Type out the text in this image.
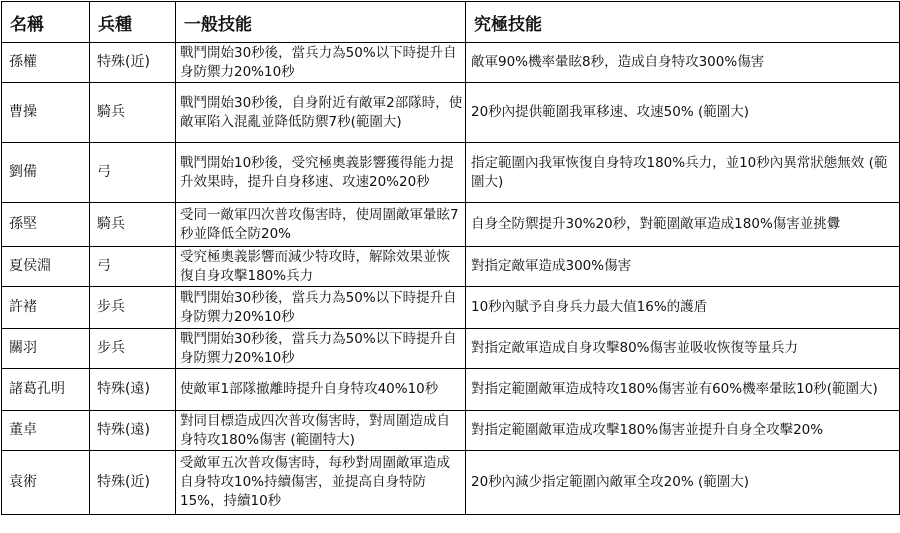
名稱	兵種	一般技能	究極技能
孫權	特殊(近)	戰鬥開始30秒後，當兵力為50%以下時提升自身防禦力20%10秒	敵軍90%機率暈眩8秒，造成自身特攻300%傷害
曹操	騎兵	戰鬥開始30秒後，自身附近有敵軍2部隊時，使敵軍陷入混亂並降低防禦7秒(範圍大)	20秒內提供範圍我軍移速、攻速50% (範圍大)
劉備	弓	戰鬥開始10秒後，受究極奧義影響獲得能力提升效果時，提升自身移速、攻速20%20秒	指定範圍內我軍恢復自身特攻180%兵力，並10秒內異常狀態無效 (範圍大)
孫堅	騎兵	受同一敵軍四次普攻傷害時，使周圍敵軍暈眩7秒並降低全防20%	自身全防禦提升30%20秒，對範圍敵軍造成180%傷害並挑釁
夏侯淵	弓	受究極奧義影響而減少特攻時，解除效果並恢復自身攻擊180%兵力	對指定敵軍造成300%傷害
許褚	步兵	戰鬥開始30秒後，當兵力為50%以下時提升自身防禦力20%10秒	10秒內賦予自身兵力最大值16%的護盾
關羽	步兵	戰鬥開始30秒後，當兵力為50%以下時提升自身防禦力20%10秒	對指定敵軍造成自身攻擊80%傷害並吸收恢復等量兵力
諸葛孔明	特殊(遠)	使敵軍1部隊撤離時提升自身特攻40%10秒	對指定範圍敵軍造成特攻180%傷害並有60%機率暈眩10秒(範圍大)
董卓	特殊(遠)	對同目標造成四次普攻傷害時，對周圍造成自身特攻180%傷害 (範圍特大)	對指定範圍敵軍造成攻擊180%傷害並提升自身全攻擊20%
袁術	特殊(近)	受敵軍五次普攻傷害時，每秒對周圍敵軍造成自身特攻10%持續傷害，並提高自身特防15%，持續10秒	20秒內減少指定範圍內敵軍全攻20% (範圍大)
